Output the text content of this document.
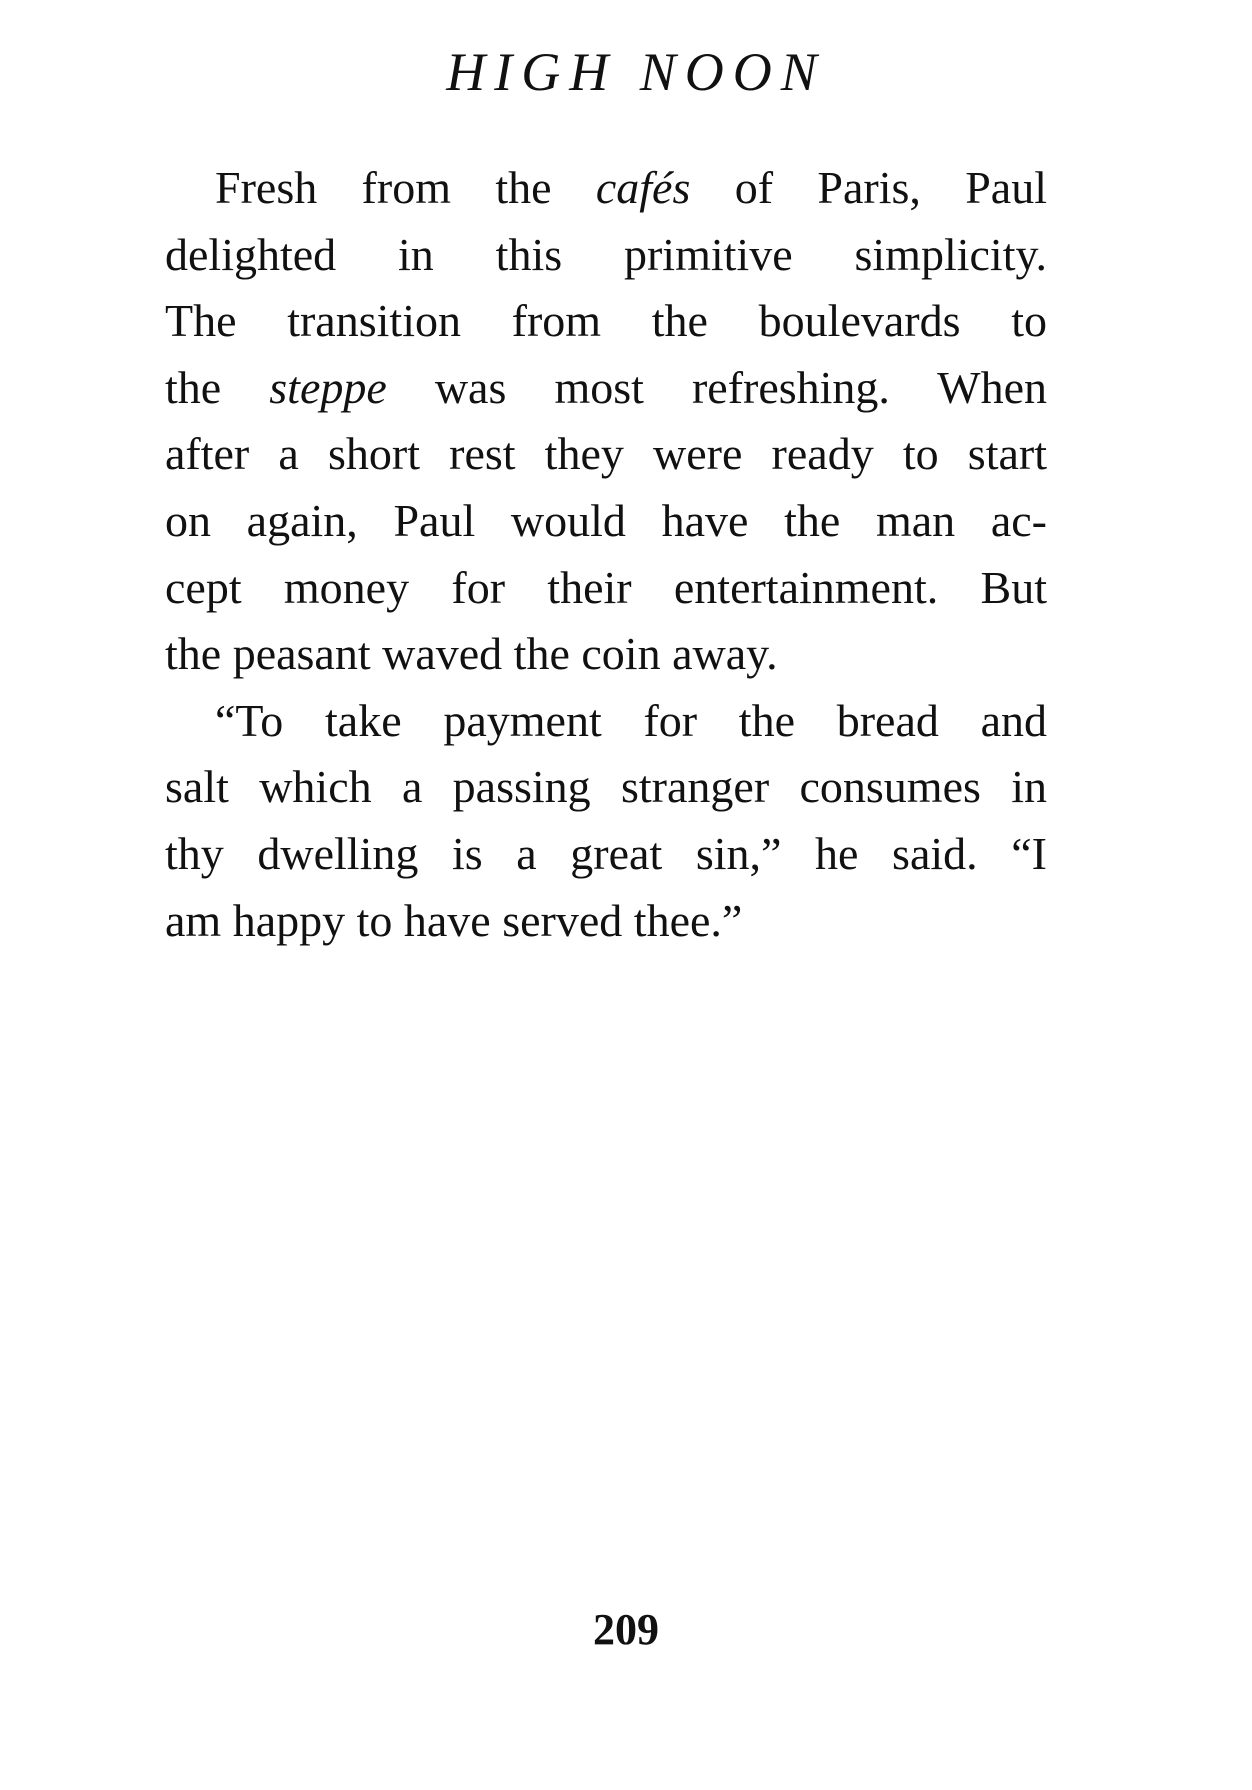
HIGH NOON
Fresh from the cafés of Paris, Paul
delighted in this primitive simplicity.
The transition from the boulevards to
the steppe was most refreshing. When
after a short rest they were ready to start
on again, Paul would have the man ac-
cept money for their entertainment. But
the peasant waved the coin away.
“To take payment for the bread and
salt which a passing stranger consumes in
thy dwelling is a great sin,” he said. “I
am happy to have served thee.”
209
